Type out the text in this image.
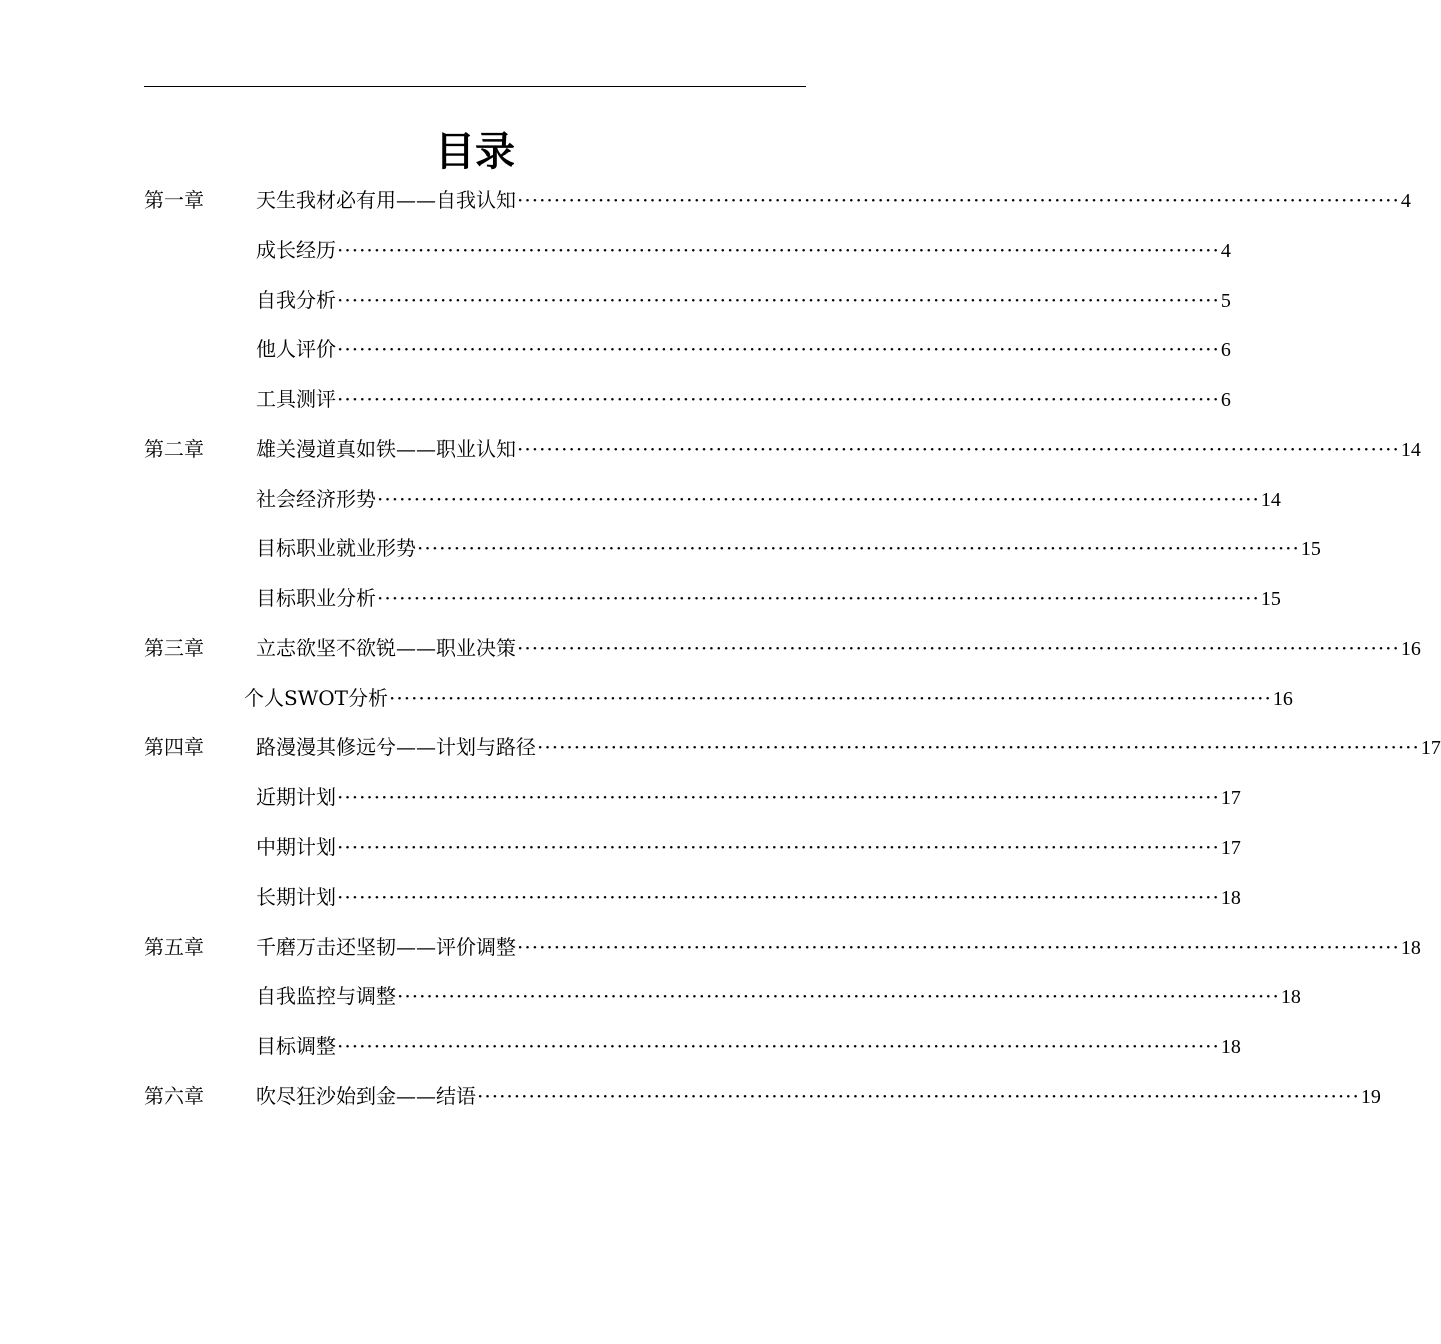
目录
第一章	天生我材必有用——自我认知 ························································································································ 4
成长经历 ························································································································ 4
自我分析 ························································································································ 5
他人评价 ························································································································ 6
工具测评 ························································································································ 6
第二章	雄关漫道真如铁——职业认知 ························································································································ 14
社会经济形势 ························································································································ 14
目标职业就业形势 ························································································································ 15
目标职业分析 ························································································································ 15
第三章	立志欲坚不欲锐——职业决策 ························································································································ 16
个人SWOT分析 ························································································································ 16
第四章	路漫漫其修远兮——计划与路径 ························································································································ 17
近期计划 ························································································································ 17
中期计划 ························································································································ 17
长期计划 ························································································································ 18
第五章	千磨万击还坚韧——评价调整 ························································································································ 18
自我监控与调整 ························································································································ 18
目标调整 ························································································································ 18
第六章	吹尽狂沙始到金——结语 ························································································································ 19
